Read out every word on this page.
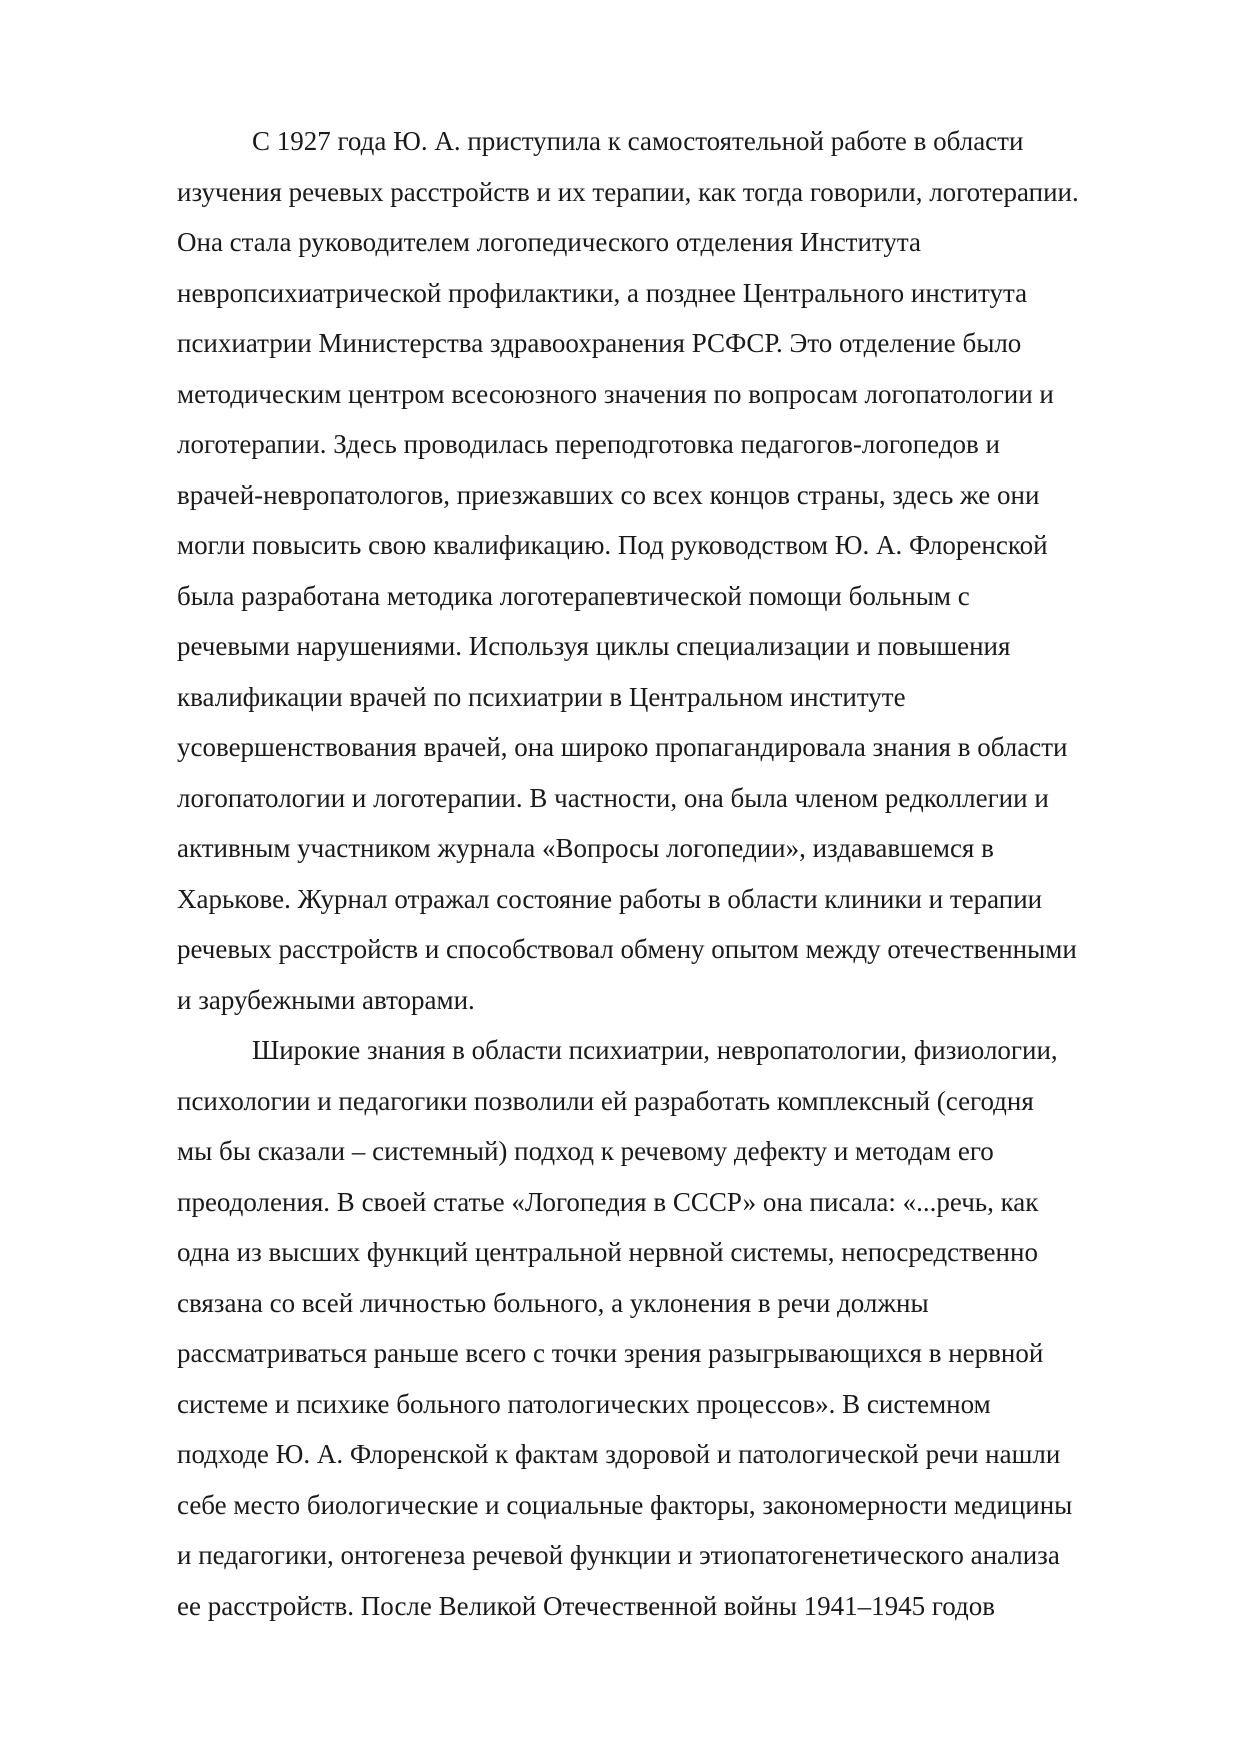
С 1927 года Ю. А. приступила к самостоятельной работе в области
изучения речевых расстройств и их терапии, как тогда говорили, логотерапии.
Она стала руководителем логопедического отделения Института
невропсихиатрической профилактики, а позднее Центрального института
психиатрии Министерства здравоохранения РСФСР. Это отделение было
методическим центром всесоюзного значения по вопросам логопатологии и
логотерапии. Здесь проводилась переподготовка педагогов-логопедов и
врачей-невропатологов, приезжавших со всех концов страны, здесь же они
могли повысить свою квалификацию. Под руководством Ю. А. Флоренской
была разработана методика логотерапевтической помощи больным с
речевыми нарушениями. Используя циклы специализации и повышения
квалификации врачей по психиатрии в Центральном институте
усовершенствования врачей, она широко пропагандировала знания в области
логопатологии и логотерапии. В частности, она была членом редколлегии и
активным участником журнала «Вопросы логопедии», издававшемся в
Харькове. Журнал отражал состояние работы в области клиники и терапии
речевых расстройств и способствовал обмену опытом между отечественными
и зарубежными авторами.
Широкие знания в области психиатрии, невропатологии, физиологии,
психологии и педагогики позволили ей разработать комплексный (сегодня
мы бы сказали – системный) подход к речевому дефекту и методам его
преодоления. В своей статье «Логопедия в СССР» она писала: «...речь, как
одна из высших функций центральной нервной системы, непосредственно
связана со всей личностью больного, а уклонения в речи должны
рассматриваться раньше всего с точки зрения разыгрывающихся в нервной
системе и психике больного патологических процессов». В системном
подходе Ю. А. Флоренской к фактам здоровой и патологической речи нашли
себе место биологические и социальные факторы, закономерности медицины
и педагогики, онтогенеза речевой функции и этиопатогенетического анализа
ее расстройств. После Великой Отечественной войны 1941–1945 годов
